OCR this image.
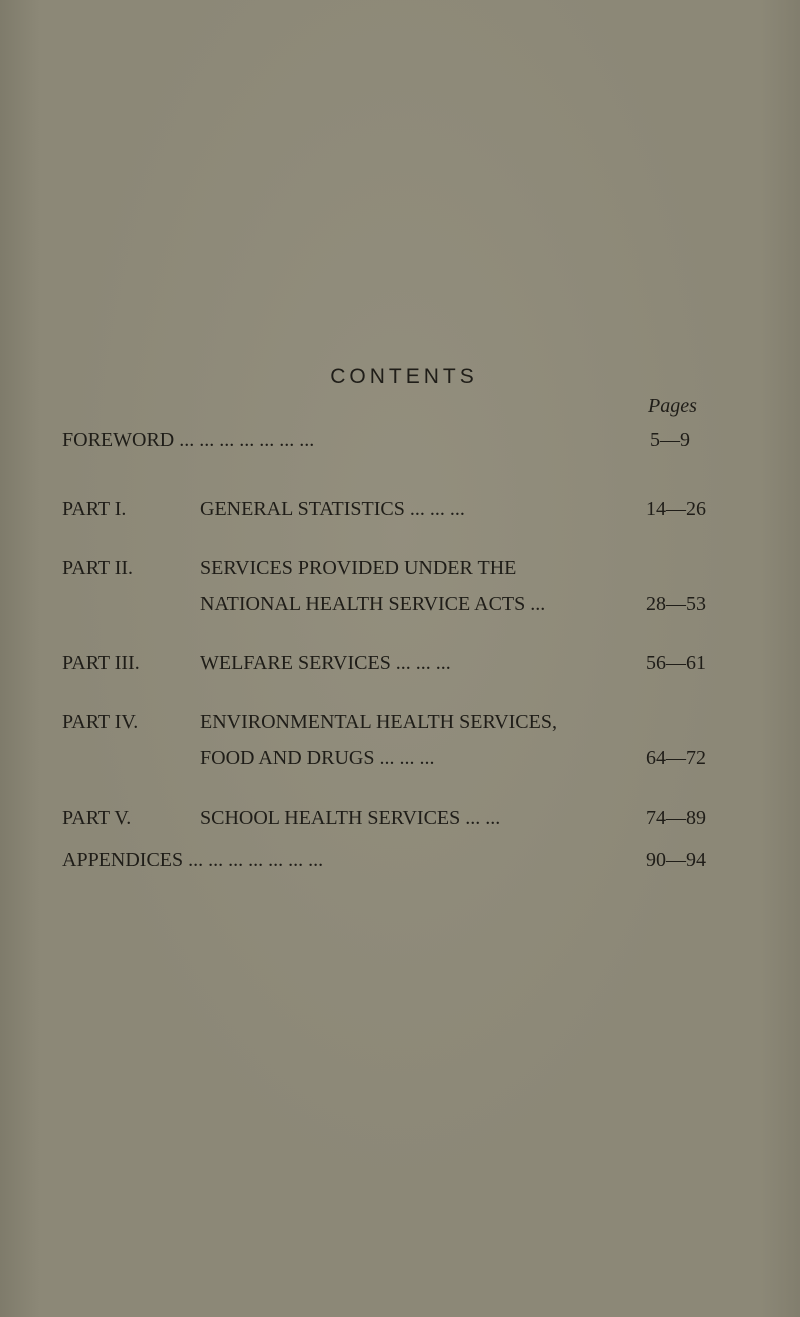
CONTENTS
Pages
FOREWORD ... ... ... ... ... ... ...	5—9
PART I.	GENERAL STATISTICS ... ... ...	14—26
PART II.	SERVICES PROVIDED UNDER THE
NATIONAL HEALTH SERVICE ACTS ...	28—53
PART III.	WELFARE SERVICES ... ... ...	56—61
PART IV.	ENVIRONMENTAL HEALTH SERVICES,
FOOD AND DRUGS ... ... ...	64—72
PART V.	SCHOOL HEALTH SERVICES ... ...	74—89
APPENDICES ... ... ... ... ... ... ...	90—94
